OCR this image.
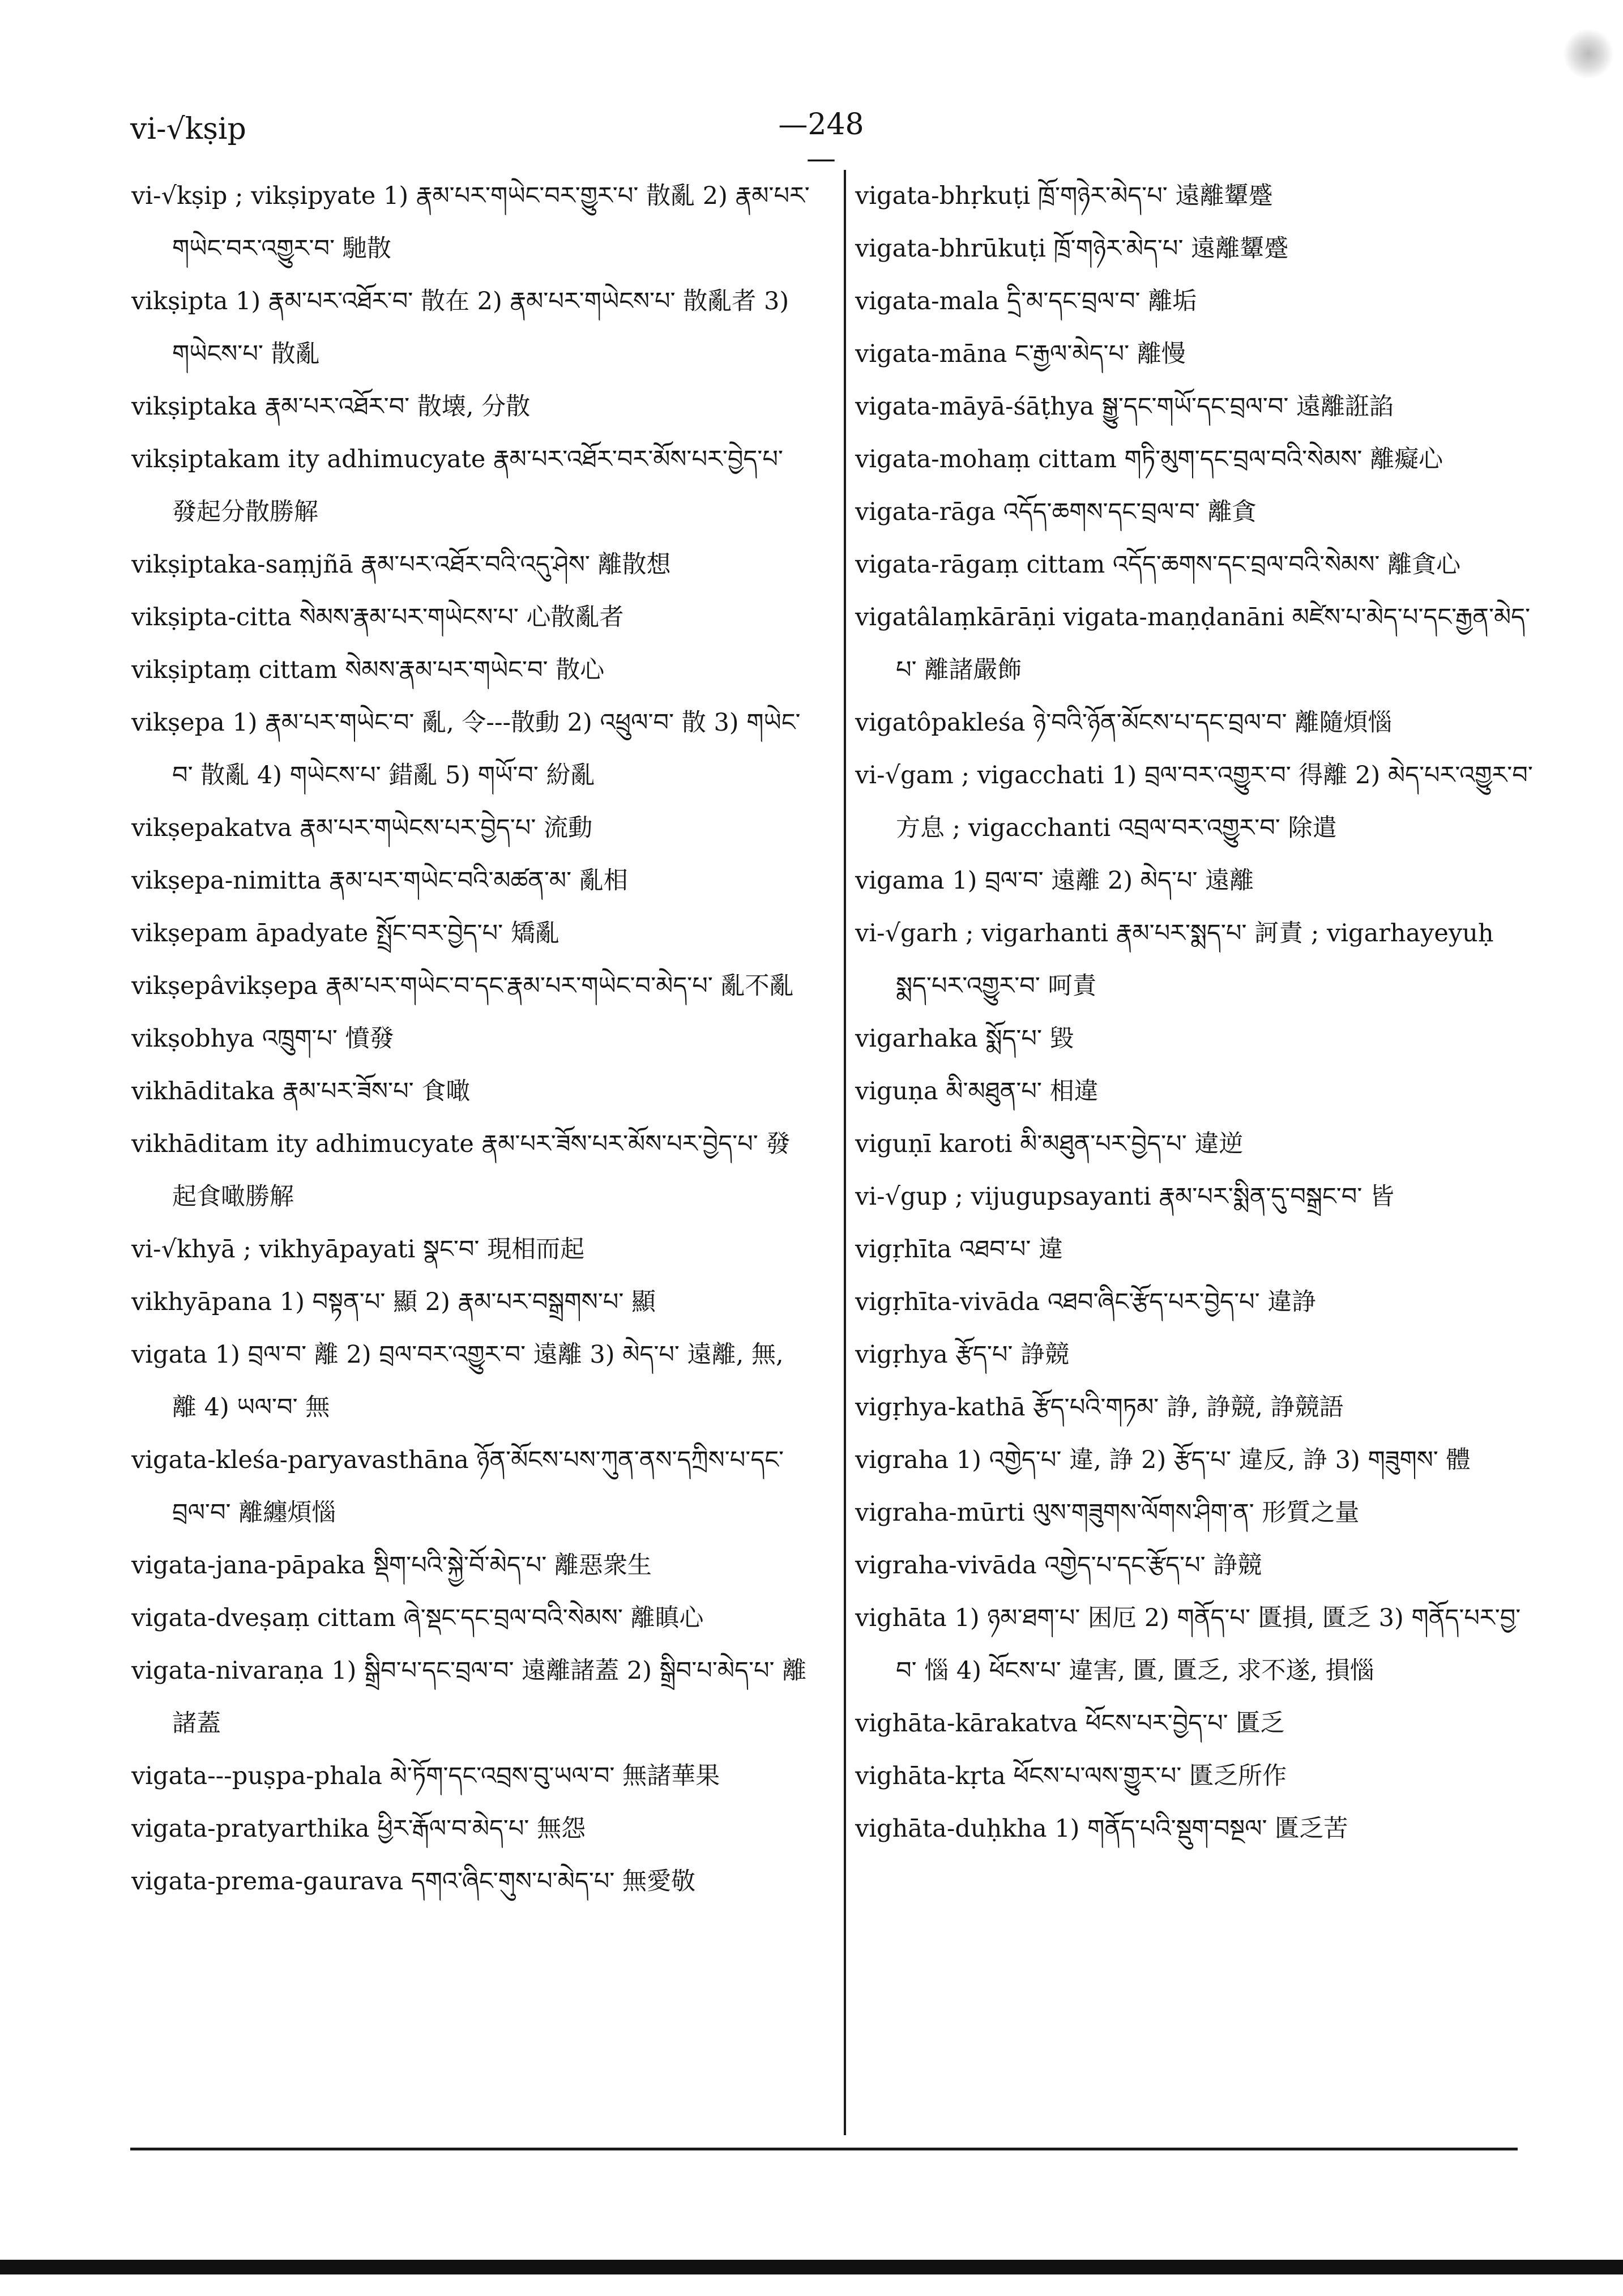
vi-√kṣip	—248—

vi-√kṣip ; vikṣipyate 1) རྣམ་པར་གཡེང་བར་གྱུར་པ་ 散亂 2) རྣམ་པར་གཡེང་བར་འགྱུར་བ་ 馳散

vikṣipta 1) རྣམ་པར་འཐོར་བ་ 散在 2) རྣམ་པར་གཡེངས་པ་ 散亂者 3) གཡེངས་པ་ 散亂

vikṣiptaka རྣམ་པར་འཐོར་བ་ 散壊, 分散

vikṣiptakam ity adhimucyate རྣམ་པར་འཐོར་བར་མོས་པར་བྱེད་པ་ 發起分散勝解

vikṣiptaka-saṃjñā རྣམ་པར་འཐོར་བའི་འདུ་ཤེས་ 離散想

vikṣipta-citta སེམས་རྣམ་པར་གཡེངས་པ་ 心散亂者

vikṣiptaṃ cittam སེམས་རྣམ་པར་གཡེང་བ་ 散心

vikṣepa 1) རྣམ་པར་གཡེང་བ་ 亂, 令---散動 2) འཕྲུལ་བ་ 散 3) གཡེང་བ་ 散亂 4) གཡེངས་པ་ 錯亂 5) གཡོ་བ་ 紛亂

vikṣepakatva རྣམ་པར་གཡེངས་པར་བྱེད་པ་ 流動

vikṣepa-nimitta རྣམ་པར་གཡེང་བའི་མཚན་མ་ 亂相

vikṣepam āpadyate སྤྲོང་བར་བྱེད་པ་ 矯亂

vikṣepâvikṣepa རྣམ་པར་གཡེང་བ་དང་རྣམ་པར་གཡེང་བ་མེད་པ་ 亂不亂

vikṣobhya འཁྲུག་པ་ 憤發

vikhāditaka རྣམ་པར་ཟོས་པ་ 食噉

vikhāditam ity adhimucyate རྣམ་པར་ཟོས་པར་མོས་པར་བྱེད་པ་ 發起食噉勝解

vi-√khyā ; vikhyāpayati སྣང་བ་ 現相而起

vikhyāpana 1) བསྟན་པ་ 顯 2) རྣམ་པར་བསྒྲགས་པ་ 顯

vigata 1) བྲལ་བ་ 離 2) བྲལ་བར་འགྱུར་བ་ 遠離 3) མེད་པ་ 遠離, 無, 離 4) ཡལ་བ་ 無

vigata-kleśa-paryavasthāna ཉོན་མོངས་པས་ཀུན་ནས་དཀྲིས་པ་དང་བྲལ་བ་ 離纏煩惱

vigata-jana-pāpaka སྡིག་པའི་སྐྱེ་བོ་མེད་པ་ 離惡衆生

vigata-dveṣaṃ cittam ཞེ་སྡང་དང་བྲལ་བའི་སེམས་ 離瞋心

vigata-nivaraṇa 1) སྒྲིབ་པ་དང་བྲལ་བ་ 遠離諸蓋 2) སྒྲིབ་པ་མེད་པ་ 離諸蓋

vigata---puṣpa-phala མེ་ཏོག་དང་འབྲས་བུ་ཡལ་བ་ 無諸華果

vigata-pratyarthika ཕྱིར་རྒོལ་བ་མེད་པ་ 無怨

vigata-prema-gaurava དགའ་ཞིང་གུས་པ་མེད་པ་ 無愛敬

vigata-bhṛkuṭi ཁྲོ་གཉེར་མེད་པ་ 遠離顰蹙

vigata-bhrūkuṭi ཁྲོ་གཉེར་མེད་པ་ 遠離顰蹙

vigata-mala དྲི་མ་དང་བྲལ་བ་ 離垢

vigata-māna ང་རྒྱལ་མེད་པ་ 離慢

vigata-māyā-śāṭhya སྒྱུ་དང་གཡོ་དང་བྲལ་བ་ 遠離誑諂

vigata-mohaṃ cittam གཏི་མུག་དང་བྲལ་བའི་སེམས་ 離癡心

vigata-rāga འདོད་ཆགས་དང་བྲལ་བ་ 離貪

vigata-rāgaṃ cittam འདོད་ཆགས་དང་བྲལ་བའི་སེམས་ 離貪心

vigatâlaṃkārāṇi vigata-maṇḍanāni མཛེས་པ་མེད་པ་དང་རྒྱན་མེད་པ་ 離諸嚴飾

vigatôpakleśa ཉེ་བའི་ཉོན་མོངས་པ་དང་བྲལ་བ་ 離隨煩惱

vi-√gam ; vigacchati 1) བྲལ་བར་འགྱུར་བ་ 得離 2) མེད་པར་འགྱུར་བ་ 方息 ; vigacchanti འབྲལ་བར་འགྱུར་བ་ 除遣

vigama 1) བྲལ་བ་ 遠離 2) མེད་པ་ 遠離

vi-√garh ; vigarhanti རྣམ་པར་སྨད་པ་ 訶責 ; vigarhayeyuḥ སྨད་པར་འགྱུར་བ་ 呵責

vigarhaka སྨོད་པ་ 毀

viguṇa མི་མཐུན་པ་ 相違

viguṇī karoti མི་མཐུན་པར་བྱེད་པ་ 違逆

vi-√gup ; vijugupsayanti རྣམ་པར་སྨིན་དུ་བསྒྲང་བ་ 皆

vigṛhīta འཐབ་པ་ 違

vigṛhīta-vivāda འཐབ་ཞིང་རྩོད་པར་བྱེད་པ་ 違諍

vigṛhya རྩོད་པ་ 諍競

vigṛhya-kathā རྩོད་པའི་གཏམ་ 諍, 諍競, 諍競語

vigraha 1) འགྱེད་པ་ 違, 諍 2) རྩོད་པ་ 違反, 諍 3) གཟུགས་ 體

vigraha-mūrti ལུས་གཟུགས་ལོགས་ཤིག་ན་ 形質之量

vigraha-vivāda འགྱེད་པ་དང་རྩོད་པ་ 諍競

vighāta 1) ཉམ་ཐག་པ་ 困厄 2) གནོད་པ་ 匱損, 匱乏 3) གནོད་པར་བྱ་བ་ 惱 4) ཕོངས་པ་ 違害, 匱, 匱乏, 求不遂, 損惱

vighāta-kārakatva ཕོངས་པར་བྱེད་པ་ 匱乏

vighāta-kṛta ཕོངས་པ་ལས་གྱུར་པ་ 匱乏所作

vighāta-duḥkha 1) གནོད་པའི་སྡུག་བསྔལ་ 匱乏苦
